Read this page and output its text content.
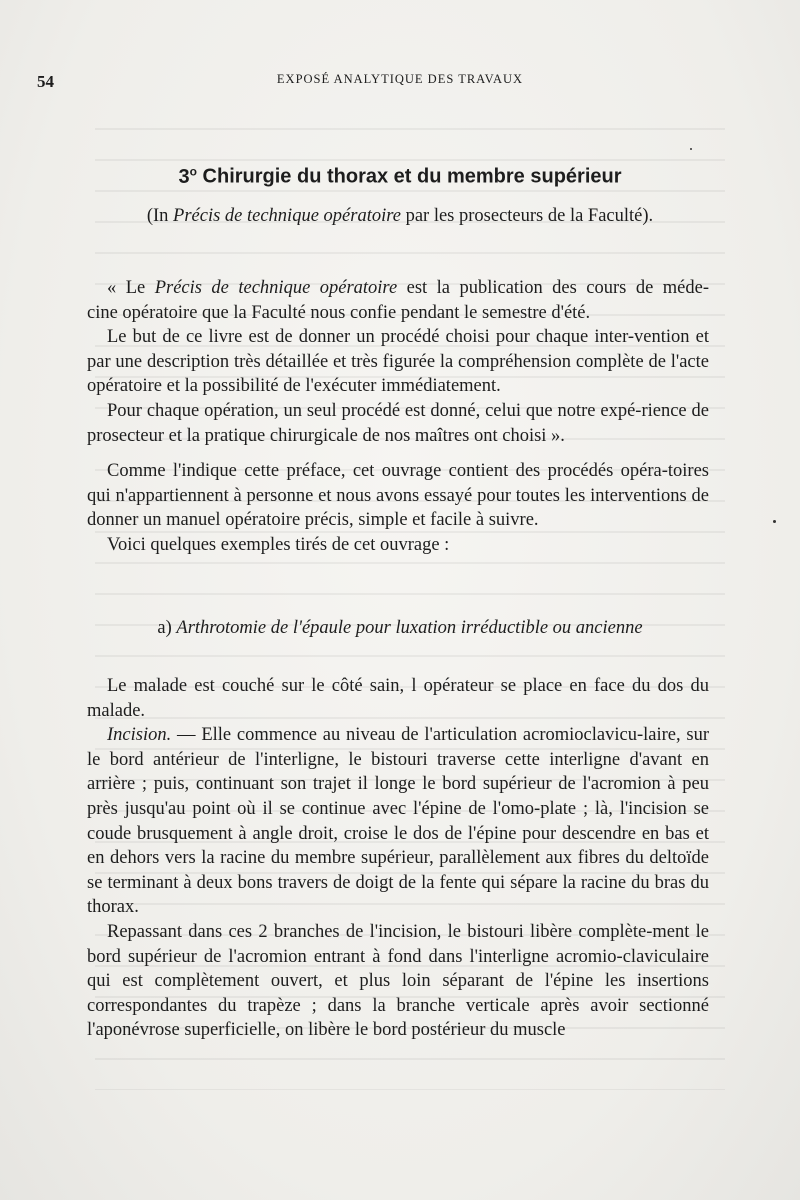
54	EXPOSÉ ANALYTIQUE DES TRAVAUX
3$^o$ Chirurgie du thorax et du membre supérieur
(In Précis de technique opératoire par les prosecteurs de la Faculté).

« Le Précis de technique opératoire est la publication des cours de méde-

cine opératoire que la Faculté nous confie pendant le semestre d'été.

Le but de ce livre est de donner un procédé choisi pour chaque inter-vention et par une description très détaillée et très figurée la compréhension complète de l'acte opératoire et la possibilité de l'exécuter immédiatement.

Pour chaque opération, un seul procédé est donné, celui que notre expé-rience de prosecteur et la pratique chirurgicale de nos maîtres ont choisi ».

Comme l'indique cette préface, cet ouvrage contient des procédés opéra-toires qui n'appartiennent à personne et nous avons essayé pour toutes les interventions de donner un manuel opératoire précis, simple et facile à suivre.

Voici quelques exemples tirés de cet ouvrage :

a) Arthrotomie de l'épaule pour luxation irréductible ou ancienne

Le malade est couché sur le côté sain, l opérateur se place en face du dos du malade.

Incision. — Elle commence au niveau de l'articulation acromioclavicu-laire, sur le bord antérieur de l'interligne, le bistouri traverse cette interligne d'avant en arrière ; puis, continuant son trajet il longe le bord supérieur de l'acromion à peu près jusqu'au point où il se continue avec l'épine de l'omo-plate ; là, l'incision se coude brusquement à angle droit, croise le dos de l'épine pour descendre en bas et en dehors vers la racine du membre supérieur, parallèlement aux fibres du deltoïde se terminant à deux bons travers de doigt de la fente qui sépare la racine du bras du thorax.

Repassant dans ces 2 branches de l'incision, le bistouri libère complète-ment le bord supérieur de l'acromion entrant à fond dans l'interligne acromio-claviculaire qui est complètement ouvert, et plus loin séparant de l'épine les insertions correspondantes du trapèze ; dans la branche verticale après avoir sectionné l'aponévrose superficielle, on libère le bord postérieur du muscle
